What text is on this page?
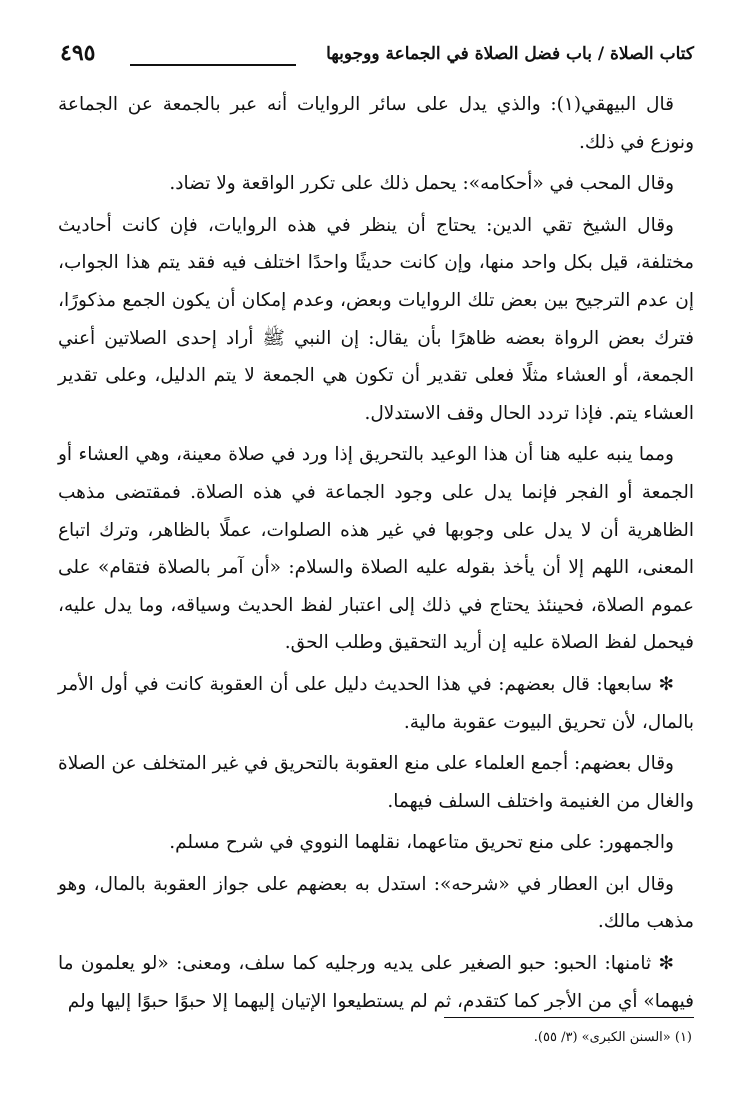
كتاب الصلاة / باب فضل الصلاة في الجماعة ووجوبها
٤٩٥

قال البيهقي(١): والذي يدل على سائر الروايات أنه عبر بالجمعة عن الجماعة ونوزع في ذلك.

وقال المحب في «أحكامه»: يحمل ذلك على تكرر الواقعة ولا تضاد.

وقال الشيخ تقي الدين: يحتاج أن ينظر في هذه الروايات، فإن كانت أحاديث مختلفة، قيل بكل واحد منها، وإن كانت حديثًا واحدًا اختلف فيه فقد يتم هذا الجواب، إن عدم الترجيح بين بعض تلك الروايات وبعض، وعدم إمكان أن يكون الجمع مذكورًا، فترك بعض الرواة بعضه ظاهرًا بأن يقال: إن النبي ﷺ أراد إحدى الصلاتين أعني الجمعة، أو العشاء مثلًا فعلى تقدير أن تكون هي الجمعة لا يتم الدليل، وعلى تقدير العشاء يتم. فإذا تردد الحال وقف الاستدلال.

ومما ينبه عليه هنا أن هذا الوعيد بالتحريق إذا ورد في صلاة معينة، وهي العشاء أو الجمعة أو الفجر فإنما يدل على وجود الجماعة في هذه الصلاة. فمقتضى مذهب الظاهرية أن لا يدل على وجوبها في غير هذه الصلوات، عملًا بالظاهر، وترك اتباع المعنى، اللهم إلا أن يأخذ بقوله عليه الصلاة والسلام: «أن آمر بالصلاة فتقام» على عموم الصلاة، فحينئذ يحتاج في ذلك إلى اعتبار لفظ الحديث وسياقه، وما يدل عليه، فيحمل لفظ الصلاة عليه إن أريد التحقيق وطلب الحق.

✻ سابعها: قال بعضهم: في هذا الحديث دليل على أن العقوبة كانت في أول الأمر بالمال، لأن تحريق البيوت عقوبة مالية.

وقال بعضهم: أجمع العلماء على منع العقوبة بالتحريق في غير المتخلف عن الصلاة والغال من الغنيمة واختلف السلف فيهما.

والجمهور: على منع تحريق متاعهما، نقلهما النووي في شرح مسلم.

وقال ابن العطار في «شرحه»: استدل به بعضهم على جواز العقوبة بالمال، وهو مذهب مالك.

✻ ثامنها: الحبو: حبو الصغير على يديه ورجليه كما سلف، ومعنى: «لو يعلمون ما فيهما» أي من الأجر كما كتقدم، ثم لم يستطيعوا الإتيان إليهما إلا حبوًا حبوًا إليها ولم

(١) «السنن الكبرى» (٣/ ٥٥).
